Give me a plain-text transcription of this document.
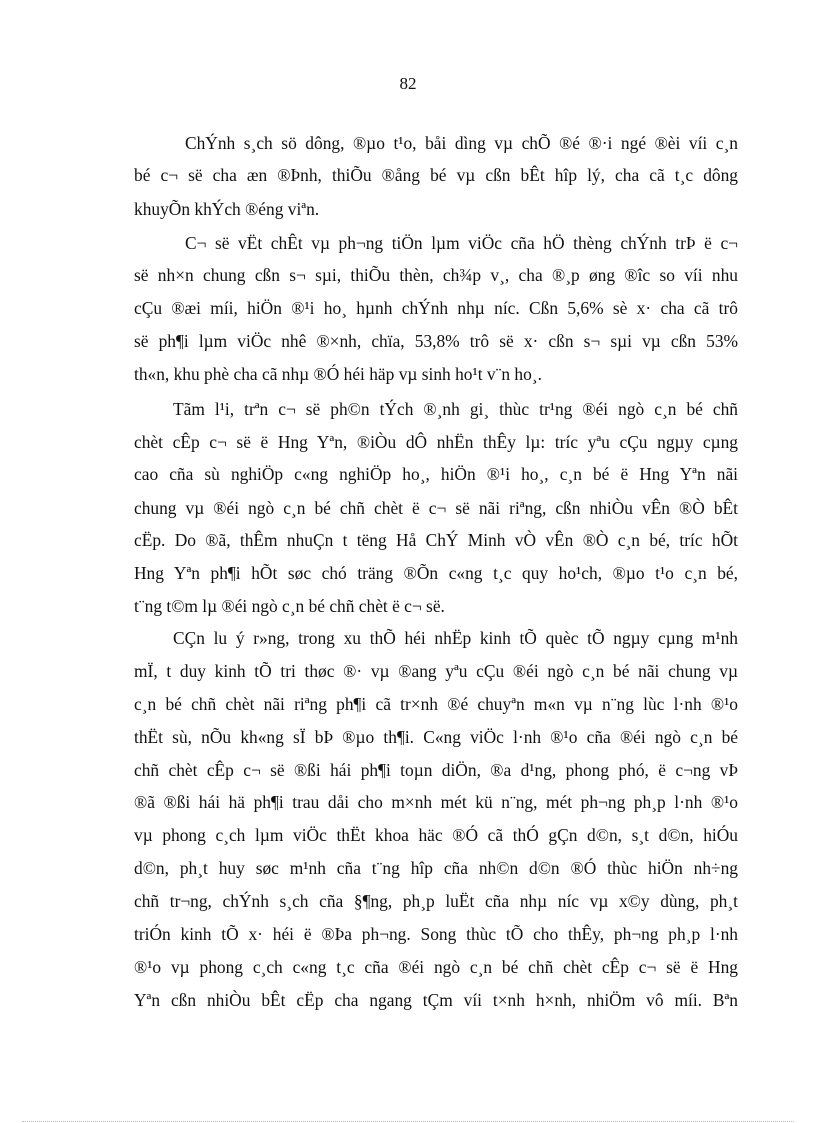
82
ChÝnh s¸ch sö dông, ®µo t¹o, båi dìng vµ chÕ ®é ®·i ngé ®èi víi c¸n
bé c¬ së cha æn ®Þnh, thiÕu ®ång bé vµ cßn bÊt hîp lý, cha cã t¸c dông
khuyÕn khÝch ®éng viªn.
C¬ së vËt chÊt vµ ph¬ng tiÖn lµm viÖc cña hÖ thèng chÝnh trÞ ë c¬
së nh×n chung cßn s¬ sµi, thiÕu thèn, ch¾p v¸, cha ®¸p øng ®îc so víi nhu
cÇu ®æi míi, hiÖn ®¹i ho¸ hµnh chÝnh nhµ níc. Cßn 5,6% sè x· cha cã trô
së ph¶i lµm viÖc nhê ®×nh, chïa, 53,8% trô së x· cßn s¬ sµi vµ cßn 53%
th«n, khu phè cha cã nhµ ®Ó héi häp vµ sinh ho¹t v¨n ho¸.
Tãm l¹i, trªn c¬ së ph©n tÝch ®¸nh gi¸ thùc tr¹ng ®éi ngò c¸n bé chñ
chèt cÊp c¬ së ë Hng Yªn, ®iÒu dÔ nhËn thÊy lµ: tríc yªu cÇu ngµy cµng
cao cña sù nghiÖp c«ng nghiÖp ho¸, hiÖn ®¹i ho¸, c¸n bé ë Hng Yªn nãi
chung vµ ®éi ngò c¸n bé chñ chèt ë c¬ së nãi riªng, cßn nhiÒu vÊn ®Ò bÊt
cËp. Do ®ã, thÊm nhuÇn t tëng Hå ChÝ Minh vÒ vÊn ®Ò c¸n bé, tríc hÕt
Hng Yªn ph¶i hÕt søc chó träng ®Õn c«ng t¸c quy ho¹ch, ®µo t¹o c¸n bé,
t¨ng t©m lµ ®éi ngò c¸n bé chñ chèt ë c¬ së.
CÇn lu ý r»ng, trong xu thÕ héi nhËp kinh tÕ quèc tÕ ngµy cµng m¹nh
mÏ, t duy kinh tÕ tri thøc ®· vµ ®ang yªu cÇu ®éi ngò c¸n bé nãi chung vµ
c¸n bé chñ chèt nãi riªng ph¶i cã tr×nh ®é chuyªn m«n vµ n¨ng lùc l·nh ®¹o
thËt sù, nÕu kh«ng sÏ bÞ ®µo th¶i. C«ng viÖc l·nh ®¹o cña ®éi ngò c¸n bé
chñ chèt cÊp c¬ së ®ßi hái ph¶i toµn diÖn, ®a d¹ng, phong phó, ë c¬ng vÞ
®ã ®ßi hái hä ph¶i trau dåi cho m×nh mét kü n¨ng, mét ph¬ng ph¸p l·nh ®¹o
vµ phong c¸ch lµm viÖc thËt khoa häc ®Ó cã thÓ gÇn d©n, s¸t d©n, hiÓu
d©n, ph¸t huy søc m¹nh cña t¨ng hîp cña nh©n d©n ®Ó thùc hiÖn nh÷ng
chñ tr¬ng, chÝnh s¸ch cña §¶ng, ph¸p luËt cña nhµ níc vµ x©y dùng, ph¸t
triÓn kinh tÕ x· héi ë ®Þa ph¬ng. Song thùc tÕ cho thÊy, ph¬ng ph¸p l·nh
®¹o vµ phong c¸ch c«ng t¸c cña ®éi ngò c¸n bé chñ chèt cÊp c¬ së ë Hng
Yªn cßn nhiÒu bÊt cËp cha ngang tÇm víi t×nh h×nh, nhiÖm vô míi. Bªn
